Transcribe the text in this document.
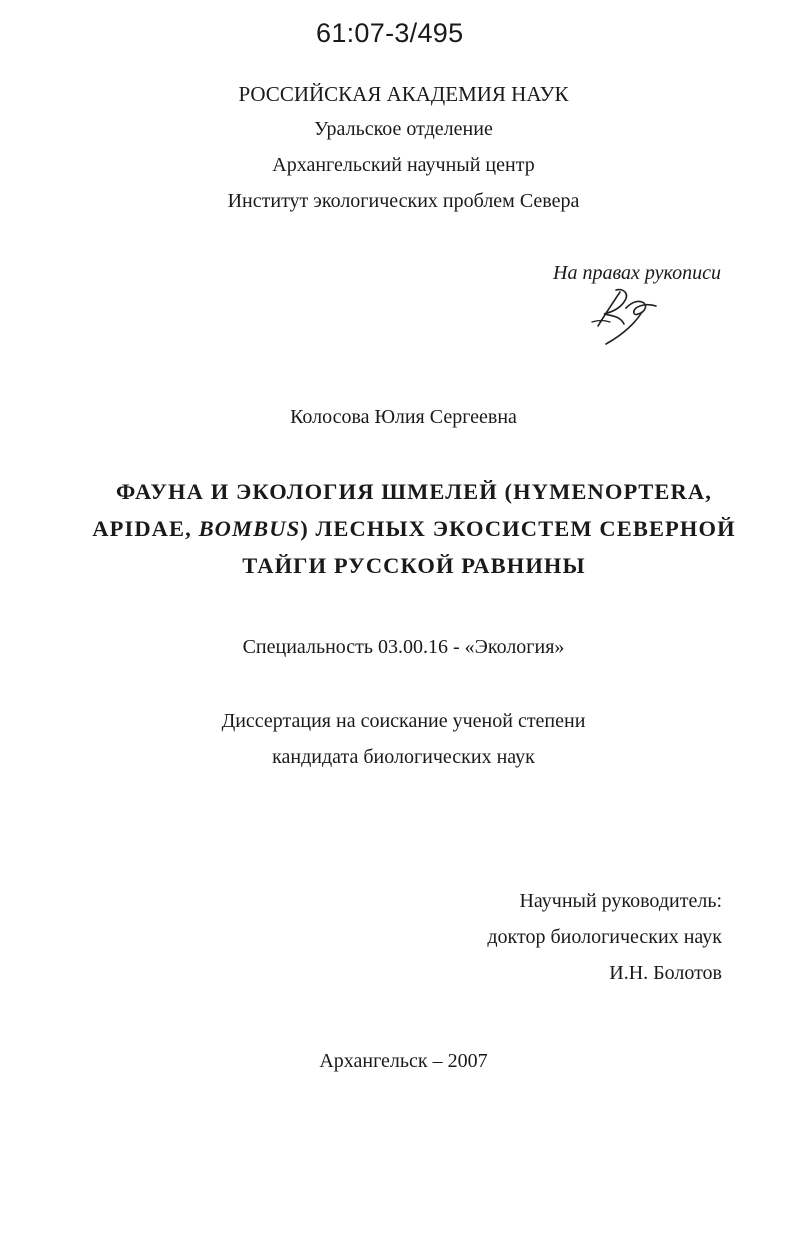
61:07-3/495
РОССИЙСКАЯ АКАДЕМИЯ НАУК
Уральское отделение
Архангельский научный центр
Институт экологических проблем Севера
На правах рукописи
Колосова Юлия Сергеевна
ФАУНА И ЭКОЛОГИЯ ШМЕЛЕЙ (HYMENOPTERA,
APIDAE, BOMBUS) ЛЕСНЫХ ЭКОСИСТЕМ СЕВЕРНОЙ
ТАЙГИ РУССКОЙ РАВНИНЫ
Специальность 03.00.16 - «Экология»
Диссертация на соискание ученой степени
кандидата биологических наук
Научный руководитель:
доктор биологических наук
И.Н. Болотов
Архангельск – 2007
